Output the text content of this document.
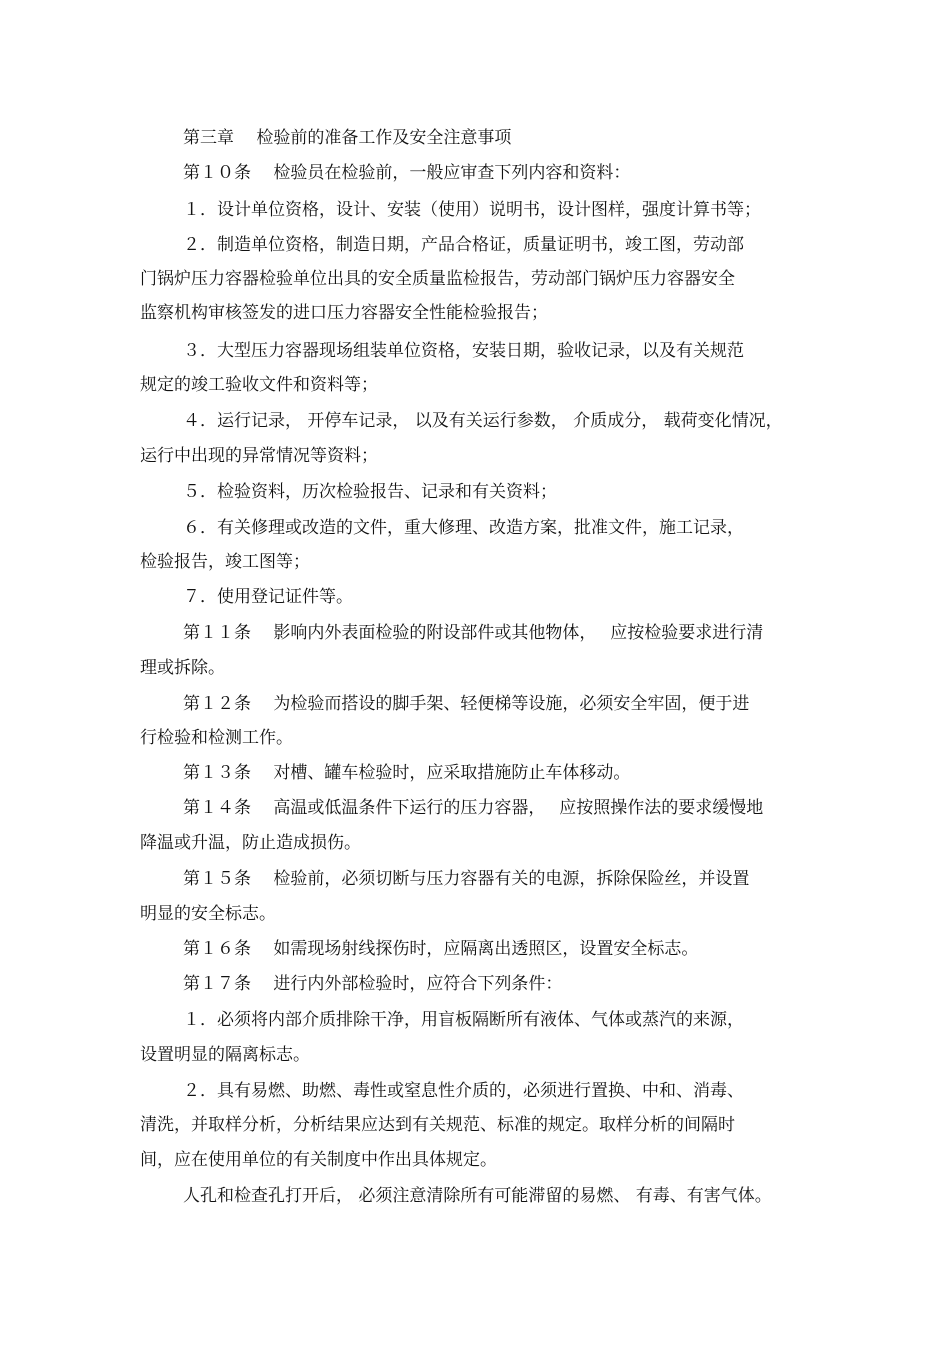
第三章　 检验前的准备工作及安全注意事项
第１０条　 检验员在检验前，一般应审查下列内容和资料：
１．设计单位资格，设计、安装（使用）说明书，设计图样，强度计算书等；
２．制造单位资格，制造日期，产品合格证，质量证明书，竣工图，劳动部
门锅炉压力容器检验单位出具的安全质量监检报告，劳动部门锅炉压力容器安全
监察机构审核签发的进口压力容器安全性能检验报告；
３．大型压力容器现场组装单位资格，安装日期，验收记录，以及有关规范
规定的竣工验收文件和资料等；
４．运行记录， 开停车记录， 以及有关运行参数， 介质成分， 载荷变化情况，
运行中出现的异常情况等资料；
５．检验资料，历次检验报告、记录和有关资料；
６．有关修理或改造的文件，重大修理、改造方案，批准文件，施工记录，
检验报告，竣工图等；
７．使用登记证件等。
第１１条　 影响内外表面检验的附设部件或其他物体，　 应按检验要求进行清
理或拆除。
第１２条　 为检验而搭设的脚手架、轻便梯等设施，必须安全牢固，便于进
行检验和检测工作。
第１３条　 对槽、罐车检验时，应采取措施防止车体移动。
第１４条　 高温或低温条件下运行的压力容器，　 应按照操作法的要求缓慢地
降温或升温，防止造成损伤。
第１５条　 检验前，必须切断与压力容器有关的电源，拆除保险丝，并设置
明显的安全标志。
第１６条　 如需现场射线探伤时，应隔离出透照区，设置安全标志。
第１７条　 进行内外部检验时，应符合下列条件：
１．必须将内部介质排除干净，用盲板隔断所有液体、气体或蒸汽的来源，
设置明显的隔离标志。
２．具有易燃、助燃、毒性或窒息性介质的，必须进行置换、中和、消毒、
清洗，并取样分析，分析结果应达到有关规范、标准的规定。取样分析的间隔时
间，应在使用单位的有关制度中作出具体规定。
人孔和检查孔打开后， 必须注意清除所有可能滞留的易燃、 有毒、有害气体。
